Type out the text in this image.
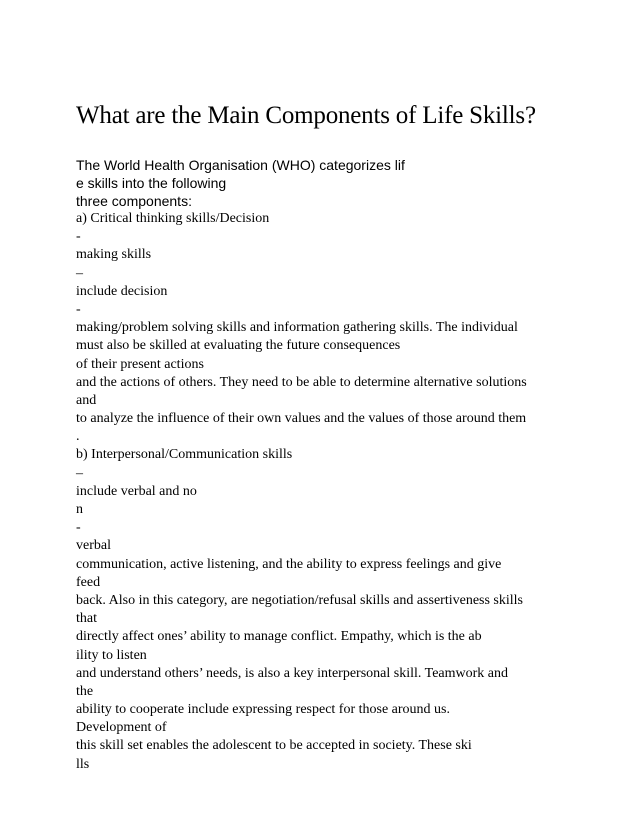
What are the Main Components of Life Skills?
The World Health Organisation (WHO) categorizes lif
e skills into the following
three components:
a) Critical thinking skills/Decision
-
making skills
–
include decision
-
making/problem solving skills and information gathering skills. The individual
must also be skilled at evaluating the future consequences
of their present actions
and the actions of others. They need to be able to determine alternative solutions
and
to analyze the influence of their own values and the values of those around them
.
b) Interpersonal/Communication skills
–
include verbal and no
n
-
verbal
communication, active listening, and the ability to express feelings and give
feed
back. Also in this category, are negotiation/refusal skills and assertiveness skills
that
directly affect ones’ ability to manage conflict. Empathy, which is the ab
ility to listen
and understand others’ needs, is also a key interpersonal skill. Teamwork and
the
ability to cooperate include expressing respect for those around us.
Development of
this skill set enables the adolescent to be accepted in society. These ski
lls
